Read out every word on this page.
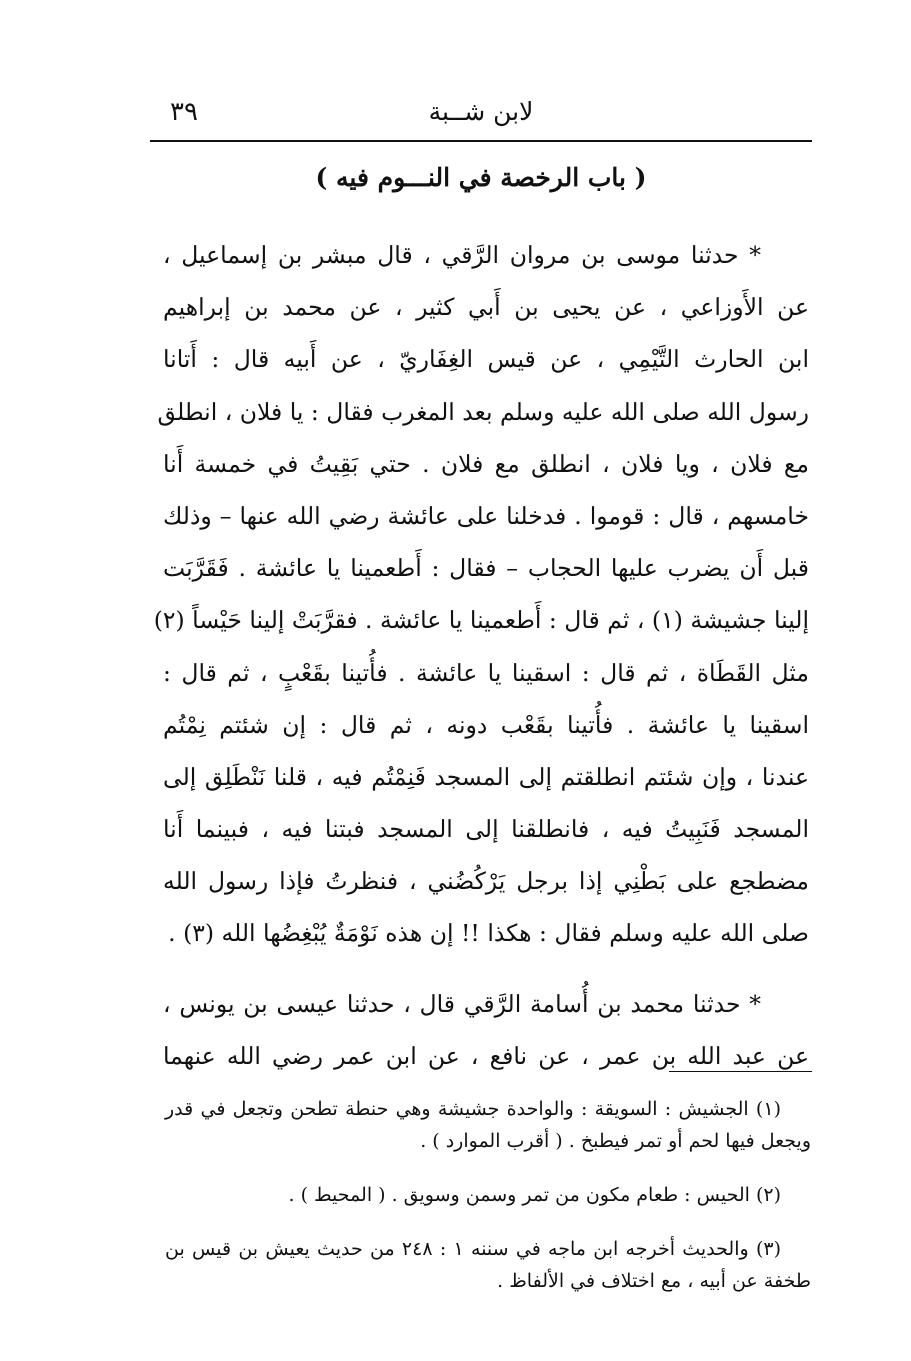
٣٩	لابن شــبة
( باب الرخصة في النـــوم فيه )
* حدثنا موسى بن مروان الرَّقي ، قال مبشر بن إسماعيل ،
عن الأَوزاعي ، عن يحيى بن أَبي كثير ، عن محمد بن إبراهيم
ابن الحارث التَّيْمِي ، عن قيس الغِفَاريّ ، عن أَبيه قال : أَتانا
رسول الله صلى الله عليه وسلم بعد المغرب فقال : يا فلان ، انطلق
مع فلان ، ويا فلان ، انطلق مع فلان . حتي بَقِيتُ في خمسة أَنا
خامسهم ، قال : قوموا . فدخلنا على عائشة رضي الله عنها – وذلك
قبل أَن يضرب عليها الحجاب – فقال : أَطعمينا يا عائشة . فَقَرَّبَت
إلينا جشيشة (١) ، ثم قال : أَطعمينا يا عائشة . فقرَّبَتْ إلينا حَيْساً (٢)
مثل القَطَاة ، ثم قال : اسقينا يا عائشة . فأُتينا بقَعْبٍ ، ثم قال :
اسقينا يا عائشة . فأُتينا بقَعْب دونه ، ثم قال : إن شئتم نِمْتُم
عندنا ، وإن شئتم انطلقتم إلى المسجد فَنِمْتُم فيه ، قلنا نَنْطَلِق إلى
المسجد فَنَبِيتُ فيه ، فانطلقنا إلى المسجد فبتنا فيه ، فبينما أَنا
مضطجع على بَطْنِي إذا برجل يَرْكُضُني ، فنظرتُ فإذا رسول الله
صلى الله عليه وسلم فقال : هكذا !! إن هذه نَوْمَةٌ يُبْغِضُها الله (٣) .
* حدثنا محمد بن أُسامة الرَّقي قال ، حدثنا عيسى بن يونس ،
عن عبد الله بن عمر ، عن نافع ، عن ابن عمر رضي الله عنهما
(١) الجشيش : السويقة : والواحدة جشيشة وهي حنطة تطحن وتجعل في قدر
ويجعل فيها لحم أو تمر فيطبخ . ( أقرب الموارد ) .
(٢) الحيس : طعام مكون من تمر وسمن وسويق . ( المحيط ) .
(٣) والحديث أخرجه ابن ماجه في سننه ١ : ٢٤٨ من حديث يعيش بن قيس بن
طخفة عن أبيه ، مع اختلاف في الألفاظ .
